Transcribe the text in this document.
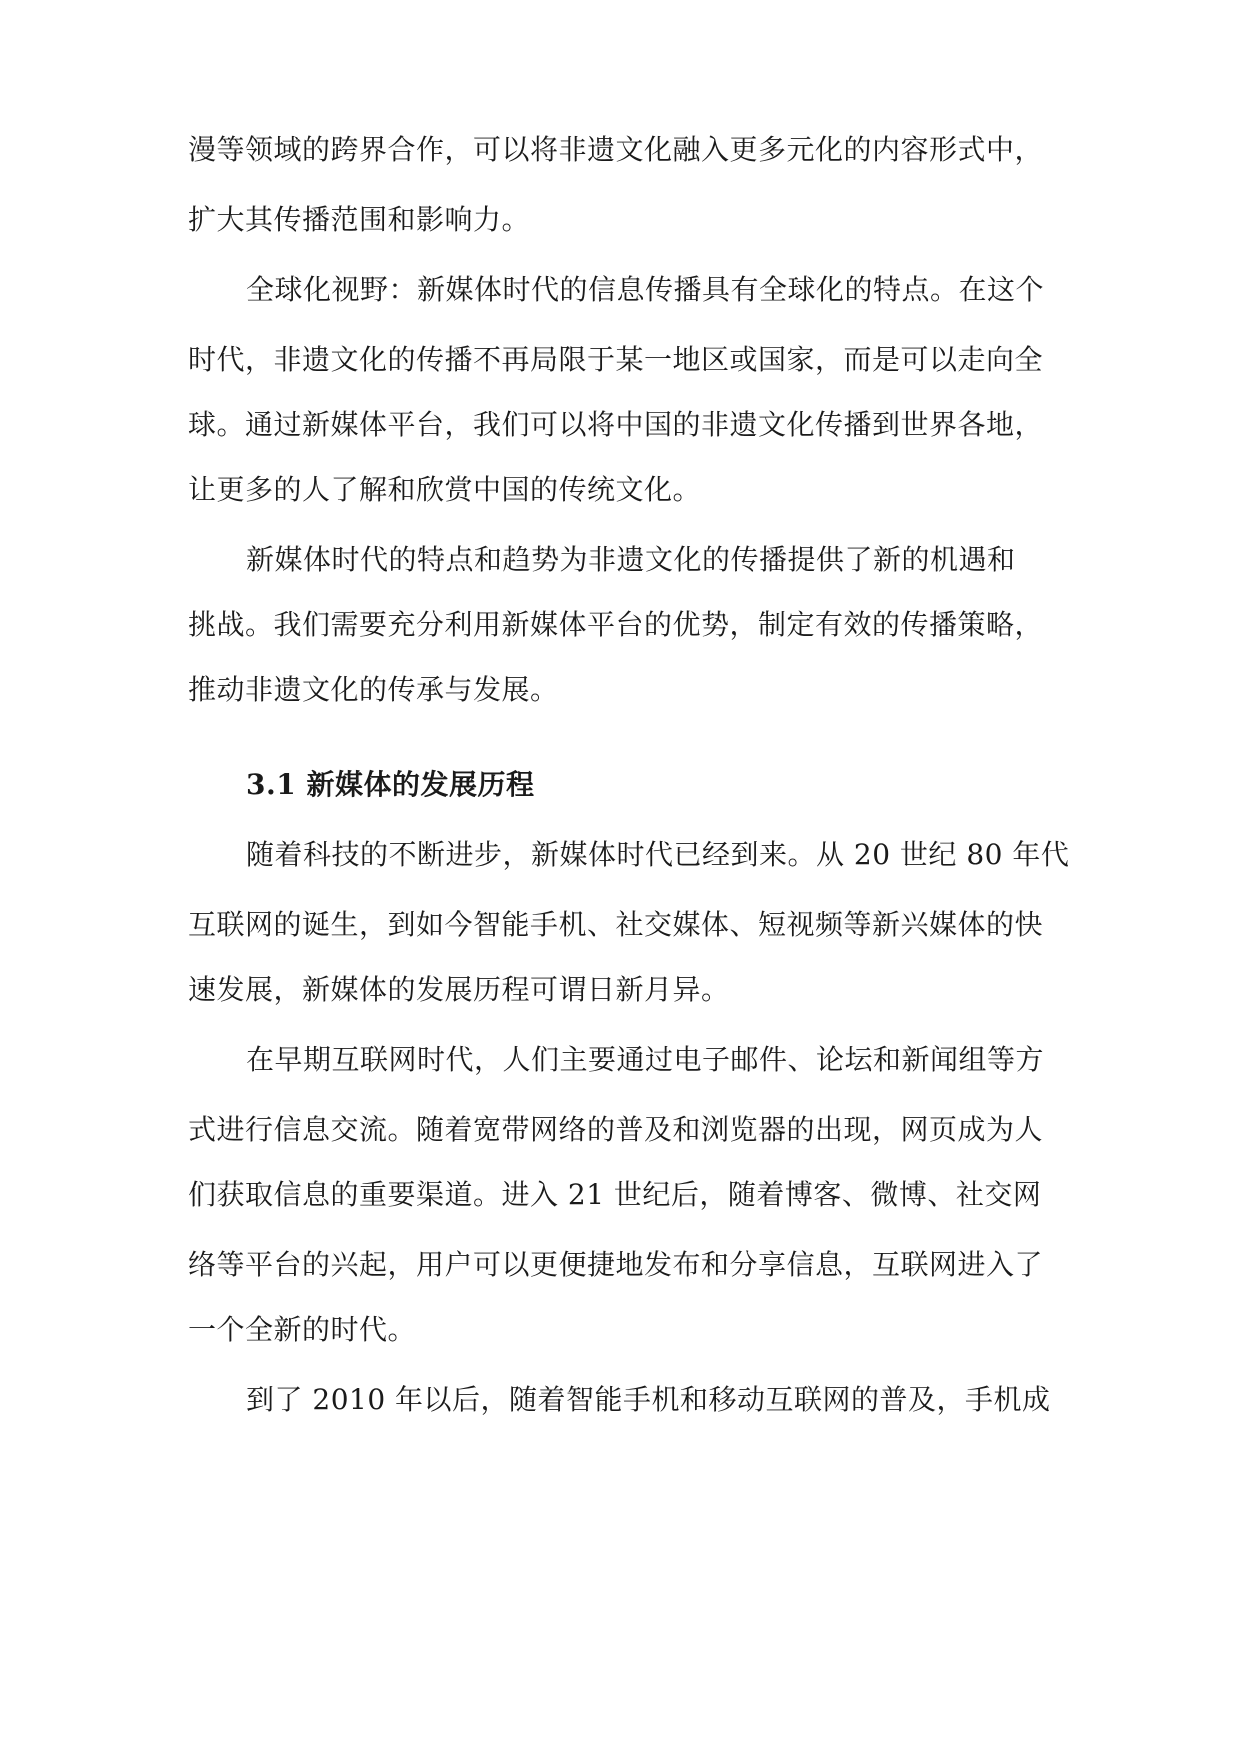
漫等领域的跨界合作，可以将非遗文化融入更多元化的内容形式中，
扩大其传播范围和影响力。
全球化视野：新媒体时代的信息传播具有全球化的特点。在这个
时代，非遗文化的传播不再局限于某一地区或国家，而是可以走向全
球。通过新媒体平台，我们可以将中国的非遗文化传播到世界各地，
让更多的人了解和欣赏中国的传统文化。
新媒体时代的特点和趋势为非遗文化的传播提供了新的机遇和
挑战。我们需要充分利用新媒体平台的优势，制定有效的传播策略，
推动非遗文化的传承与发展。
3.1 新媒体的发展历程
随着科技的不断进步，新媒体时代已经到来。从 20 世纪 80 年代
互联网的诞生，到如今智能手机、社交媒体、短视频等新兴媒体的快
速发展，新媒体的发展历程可谓日新月异。
在早期互联网时代，人们主要通过电子邮件、论坛和新闻组等方
式进行信息交流。随着宽带网络的普及和浏览器的出现，网页成为人
们获取信息的重要渠道。进入 21 世纪后，随着博客、微博、社交网
络等平台的兴起，用户可以更便捷地发布和分享信息，互联网进入了
一个全新的时代。
到了 2010 年以后，随着智能手机和移动互联网的普及，手机成
